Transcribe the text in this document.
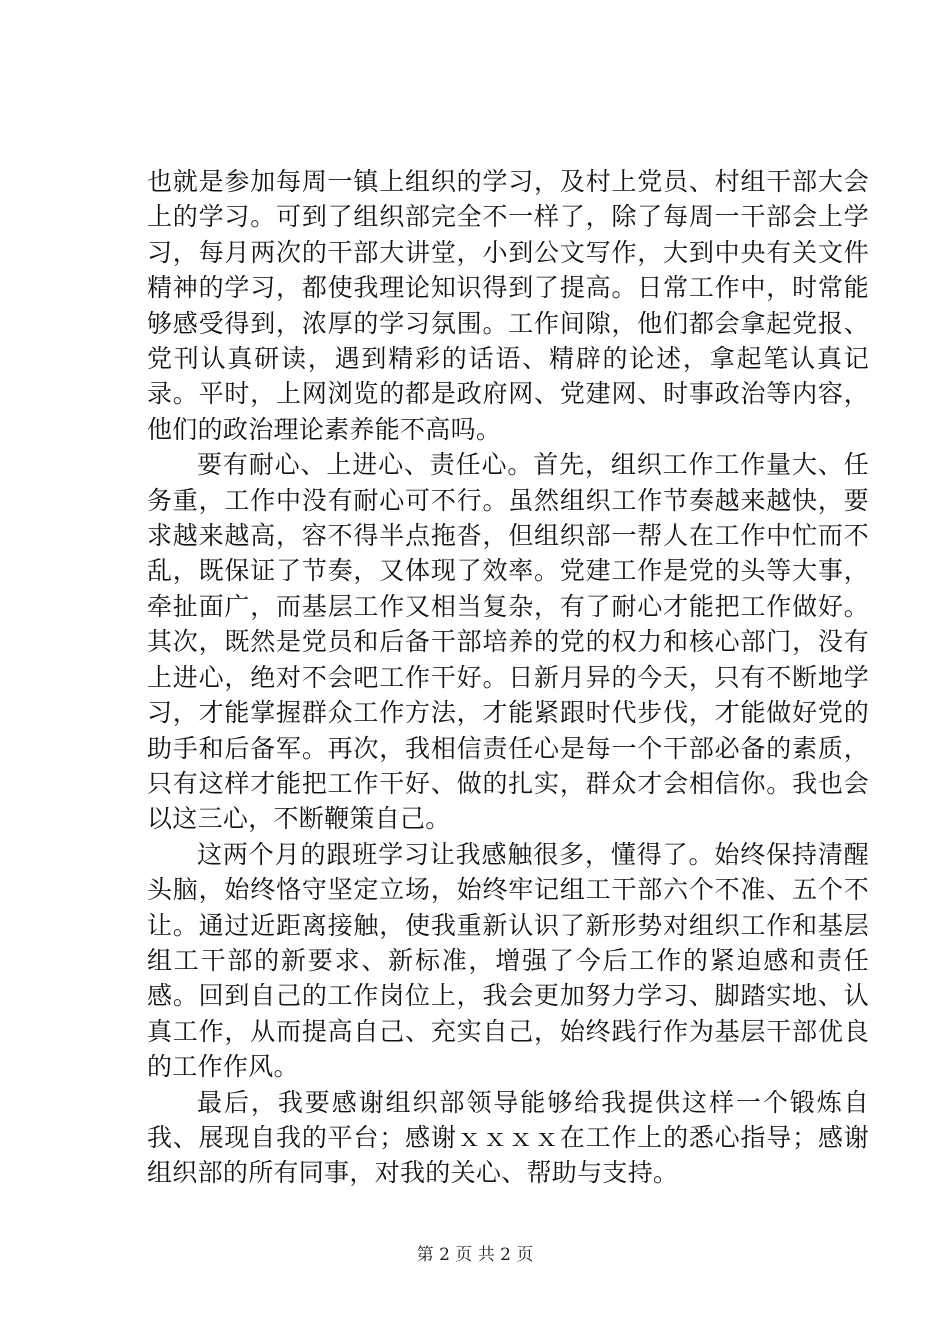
也就是参加每周一镇上组织的学习，及村上党员、村组干部大会上的学习。可到了组织部完全不一样了，除了每周一干部会上学习，每月两次的干部大讲堂，小到公文写作，大到中央有关文件精神的学习，都使我理论知识得到了提高。日常工作中，时常能够感受得到，浓厚的学习氛围。工作间隙，他们都会拿起党报、党刊认真研读，遇到精彩的话语、精辟的论述，拿起笔认真记录。平时，上网浏览的都是政府网、党建网、时事政治等内容，他们的政治理论素养能不高吗。

要有耐心、上进心、责任心。首先，组织工作工作量大、任务重，工作中没有耐心可不行。虽然组织工作节奏越来越快，要求越来越高，容不得半点拖沓，但组织部一帮人在工作中忙而不乱，既保证了节奏，又体现了效率。党建工作是党的头等大事，牵扯面广，而基层工作又相当复杂，有了耐心才能把工作做好。其次，既然是党员和后备干部培养的党的权力和核心部门，没有上进心，绝对不会吧工作干好。日新月异的今天，只有不断地学习，才能掌握群众工作方法，才能紧跟时代步伐，才能做好党的助手和后备军。再次，我相信责任心是每一个干部必备的素质，只有这样才能把工作干好、做的扎实，群众才会相信你。我也会以这三心，不断鞭策自己。

这两个月的跟班学习让我感触很多，懂得了。始终保持清醒头脑，始终恪守坚定立场，始终牢记组工干部六个不准、五个不让。通过近距离接触，使我重新认识了新形势对组织工作和基层组工干部的新要求、新标准，增强了今后工作的紧迫感和责任感。回到自己的工作岗位上，我会更加努力学习、脚踏实地、认真工作，从而提高自己、充实自己，始终践行作为基层干部优良的工作作风。

最后，我要感谢组织部领导能够给我提供这样一个锻炼自我、展现自我的平台；感谢ｘｘｘｘ在工作上的悉心指导；感谢组织部的所有同事，对我的关心、帮助与支持。

第 2 页 共 2 页
